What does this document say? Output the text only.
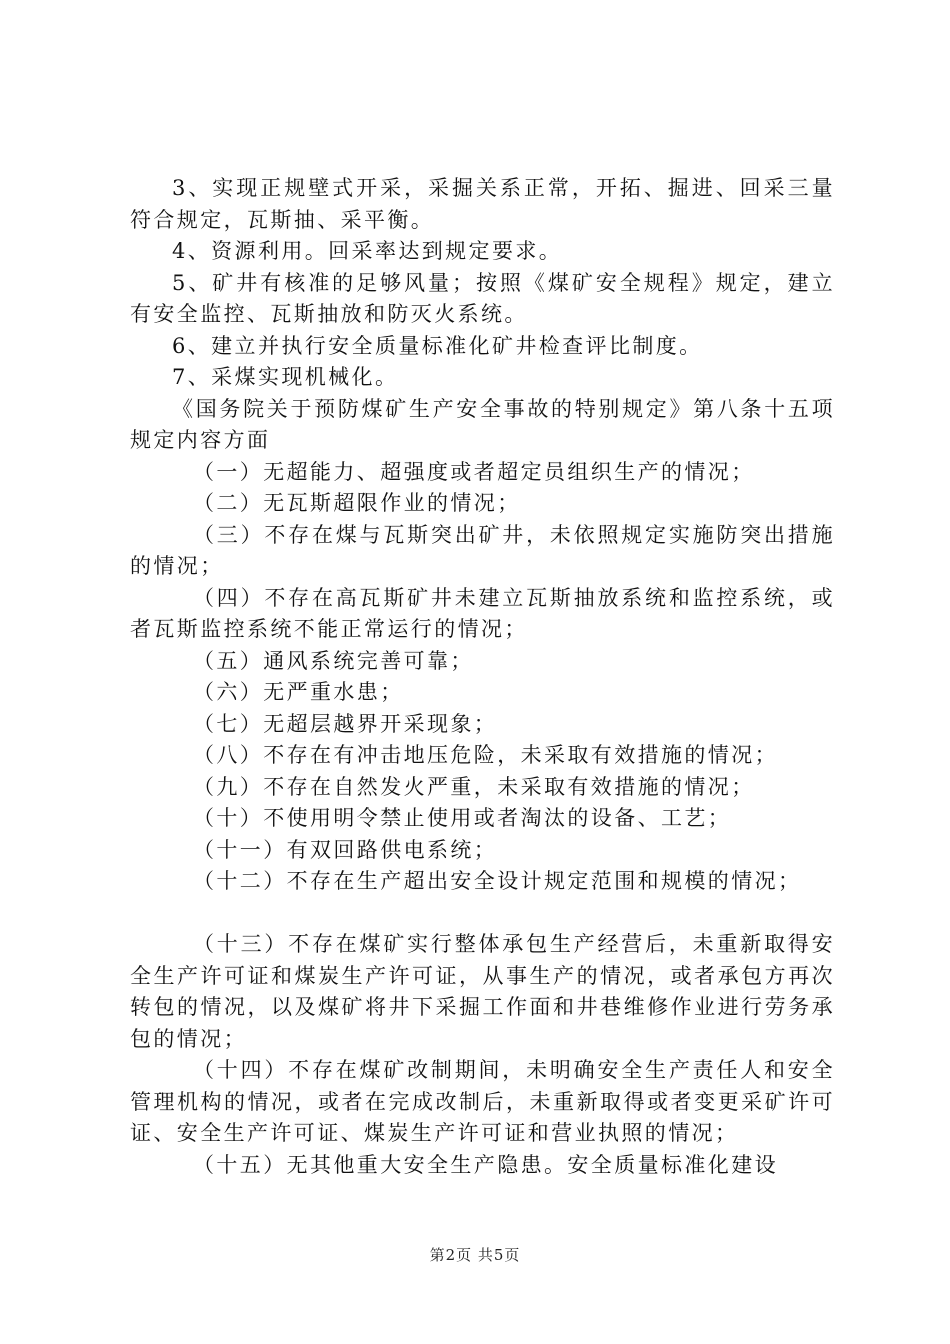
3、实现正规壁式开采，采掘关系正常，开拓、掘进、回采三量符合规定，瓦斯抽、采平衡。

4、资源利用。回采率达到规定要求。

5、矿井有核准的足够风量；按照《煤矿安全规程》规定，建立有安全监控、瓦斯抽放和防灭火系统。

6、建立并执行安全质量标准化矿井检查评比制度。

7、采煤实现机械化。

《国务院关于预防煤矿生产安全事故的特别规定》第八条十五项规定内容方面

（一）无超能力、超强度或者超定员组织生产的情况；

（二）无瓦斯超限作业的情况；

（三）不存在煤与瓦斯突出矿井，未依照规定实施防突出措施的情况；

（四）不存在高瓦斯矿井未建立瓦斯抽放系统和监控系统，或者瓦斯监控系统不能正常运行的情况；

（五）通风系统完善可靠；

（六）无严重水患；

（七）无超层越界开采现象；

（八）不存在有冲击地压危险，未采取有效措施的情况；

（九）不存在自然发火严重，未采取有效措施的情况；

（十）不使用明令禁止使用或者淘汰的设备、工艺；

（十一）有双回路供电系统；

（十二）不存在生产超出安全设计规定范围和规模的情况；

（十三）不存在煤矿实行整体承包生产经营后，未重新取得安全生产许可证和煤炭生产许可证，从事生产的情况，或者承包方再次转包的情况，以及煤矿将井下采掘工作面和井巷维修作业进行劳务承包的情况；

（十四）不存在煤矿改制期间，未明确安全生产责任人和安全管理机构的情况，或者在完成改制后，未重新取得或者变更采矿许可证、安全生产许可证、煤炭生产许可证和营业执照的情况；

（十五）无其他重大安全生产隐患。安全质量标准化建设

第2页 共5页
